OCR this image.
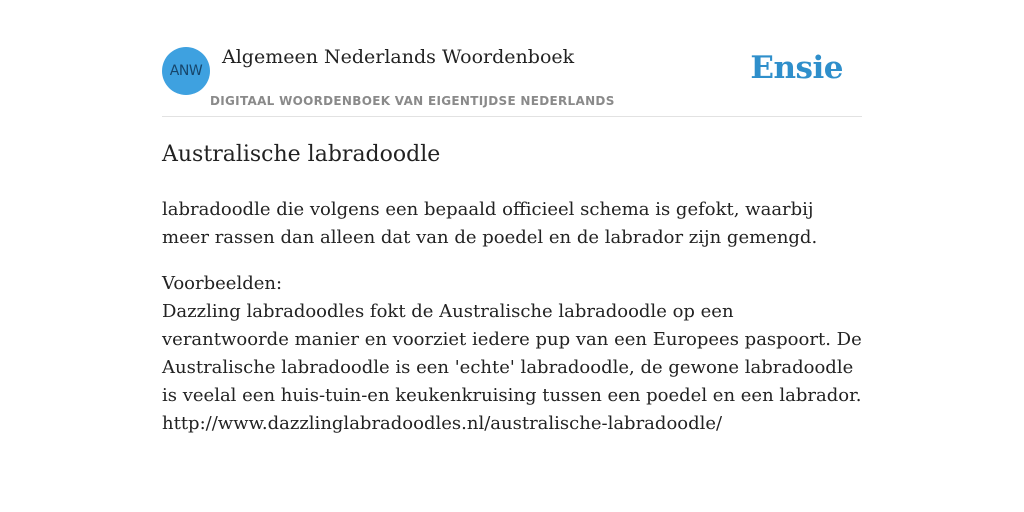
ANW
Algemeen Nederlands Woordenboek
DIGITAAL WOORDENBOEK VAN EIGENTIJDSE NEDERLANDS
Ensie
Australische labradoodle

labradoodle die volgens een bepaald officieel schema is gefokt, waarbij meer rassen dan alleen dat van de poedel en de labrador zijn gemengd.

Voorbeelden:
Dazzling labradoodles fokt de Australische labradoodle op een verantwoorde manier en voorziet iedere pup van een Europees paspoort. De Australische labradoodle is een 'echte' labradoodle, de gewone labradoodle is veelal een huis-tuin-en keukenkruising tussen een poedel en een labrador.
http://www.dazzlinglabradoodles.nl/australische-labradoodle/
